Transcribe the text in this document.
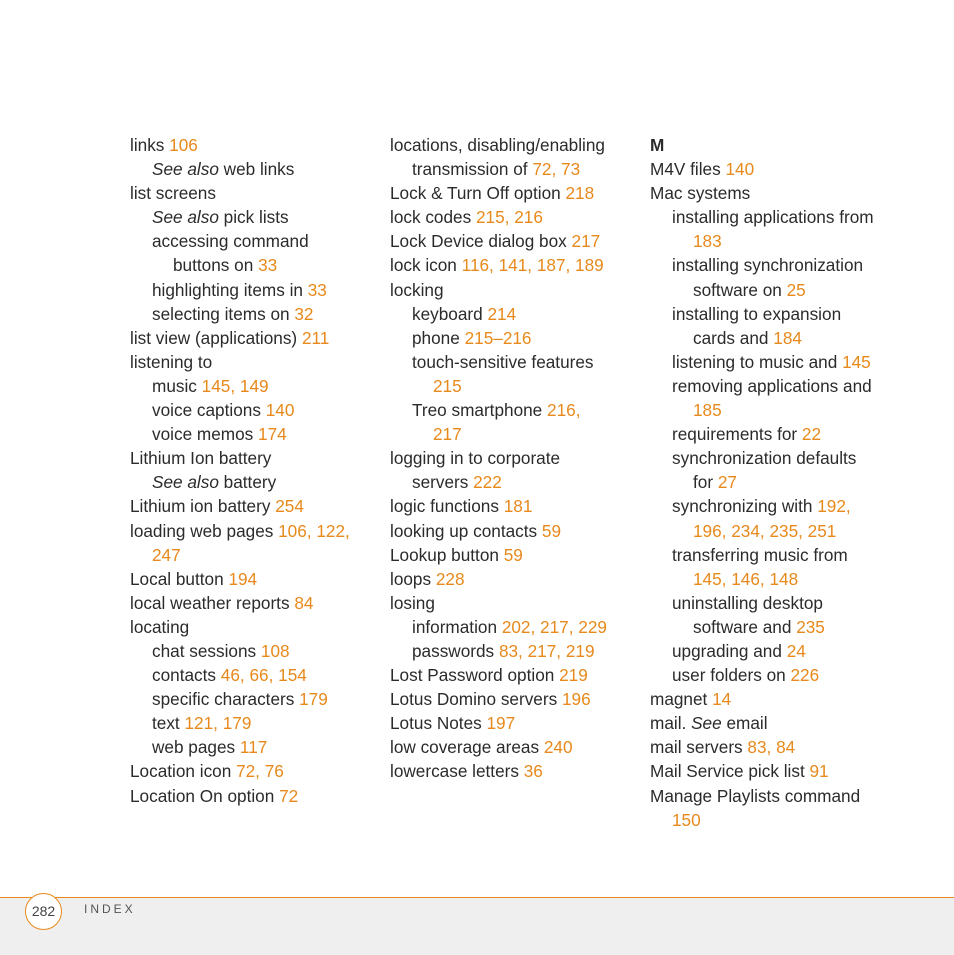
links 106
See also web links
list screens
See also pick lists
accessing command
buttons on 33
highlighting items in 33
selecting items on 32
list view (applications) 211
listening to
music 145, 149
voice captions 140
voice memos 174
Lithium Ion battery
See also battery
Lithium ion battery 254
loading web pages 106, 122,
247
Local button 194
local weather reports 84
locating
chat sessions 108
contacts 46, 66, 154
specific characters 179
text 121, 179
web pages 117
Location icon 72, 76
Location On option 72
locations, disabling/enabling
transmission of 72, 73
Lock & Turn Off option 218
lock codes 215, 216
Lock Device dialog box 217
lock icon 116, 141, 187, 189
locking
keyboard 214
phone 215–216
touch-sensitive features
215
Treo smartphone 216,
217
logging in to corporate
servers 222
logic functions 181
looking up contacts 59
Lookup button 59
loops 228
losing
information 202, 217, 229
passwords 83, 217, 219
Lost Password option 219
Lotus Domino servers 196
Lotus Notes 197
low coverage areas 240
lowercase letters 36
M
M4V files 140
Mac systems
installing applications from
183
installing synchronization
software on 25
installing to expansion
cards and 184
listening to music and 145
removing applications and
185
requirements for 22
synchronization defaults
for 27
synchronizing with 192,
196, 234, 235, 251
transferring music from
145, 146, 148
uninstalling desktop
software and 235
upgrading and 24
user folders on 226
magnet 14
mail. See email
mail servers 83, 84
Mail Service pick list 91
Manage Playlists command
150
282	INDEX
